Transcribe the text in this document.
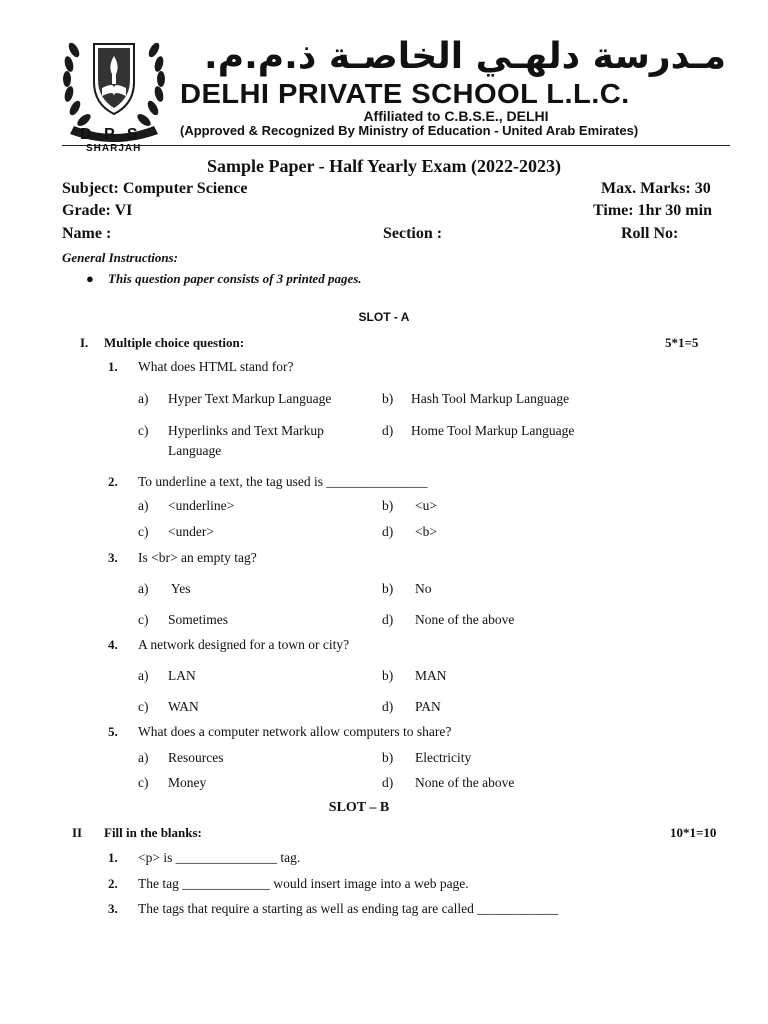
D P S
SHARJAH
مـدرسة دلهـي الخاصـة ذ.م.م.
DELHI PRIVATE SCHOOL L.L.C.
Affiliated to C.B.S.E., DELHI
(Approved & Recognized By Ministry of Education - United Arab Emirates)
Sample Paper - Half Yearly Exam (2022-2023)
Subject: Computer Science	Max. Marks: 30
Grade: VI	Time: 1hr 30 min
Name :	Section :	Roll No:
General Instructions:
● This question paper consists of 3 printed pages.
SLOT - A
I. Multiple choice question:	5*1=5
1. What does HTML stand for?
a) Hyper Text Markup Language	b) Hash Tool Markup Language
c) Hyperlinks and Text Markup
Language
d) Home Tool Markup Language
2. To underline a text, the tag used is _______________
a) <underline>	b) <u>
c) <under>	d) <b>
3. Is <br> an empty tag?
a) Yes	b) No
c) Sometimes	d) None of the above
4. A network designed for a town or city?
a) LAN	b) MAN
c) WAN	d) PAN
5. What does a computer network allow computers to share?
a) Resources	b) Electricity
c) Money	d) None of the above
SLOT – B
II Fill in the blanks:	10*1=10
1. <p> is _______________ tag.
2. The tag _____________ would insert image into a web page.
3. The tags that require a starting as well as ending tag are called ____________
